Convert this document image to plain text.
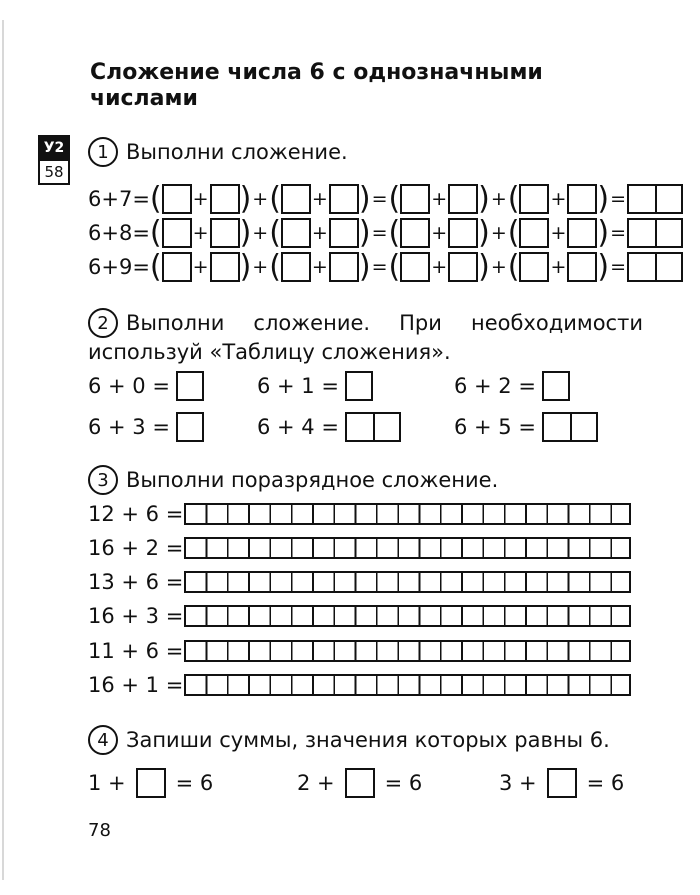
Сложение числа 6 с однозначными числами
У2
58
1 Выполни сложение.
6+7= ( + ) + ( + ) = ( + ) + ( + ) =
6+8= ( + ) + ( + ) = ( + ) + ( + ) =
6+9= ( + ) + ( + ) = ( + ) + ( + ) =
2 Выполни сложение. При необходимости
используй «Таблицу сложения».
6 + 0 =	6 + 1 =	6 + 2 =
6 + 3 =	6 + 4 =	6 + 5 =
3 Выполни поразрядное сложение.
12 + 6 =
16 + 2 =
13 + 6 =
16 + 3 =
11 + 6 =
16 + 1 =
4 Запиши суммы, значения которых равны 6.
1 + = 6	2 + = 6	3 + = 6
78
